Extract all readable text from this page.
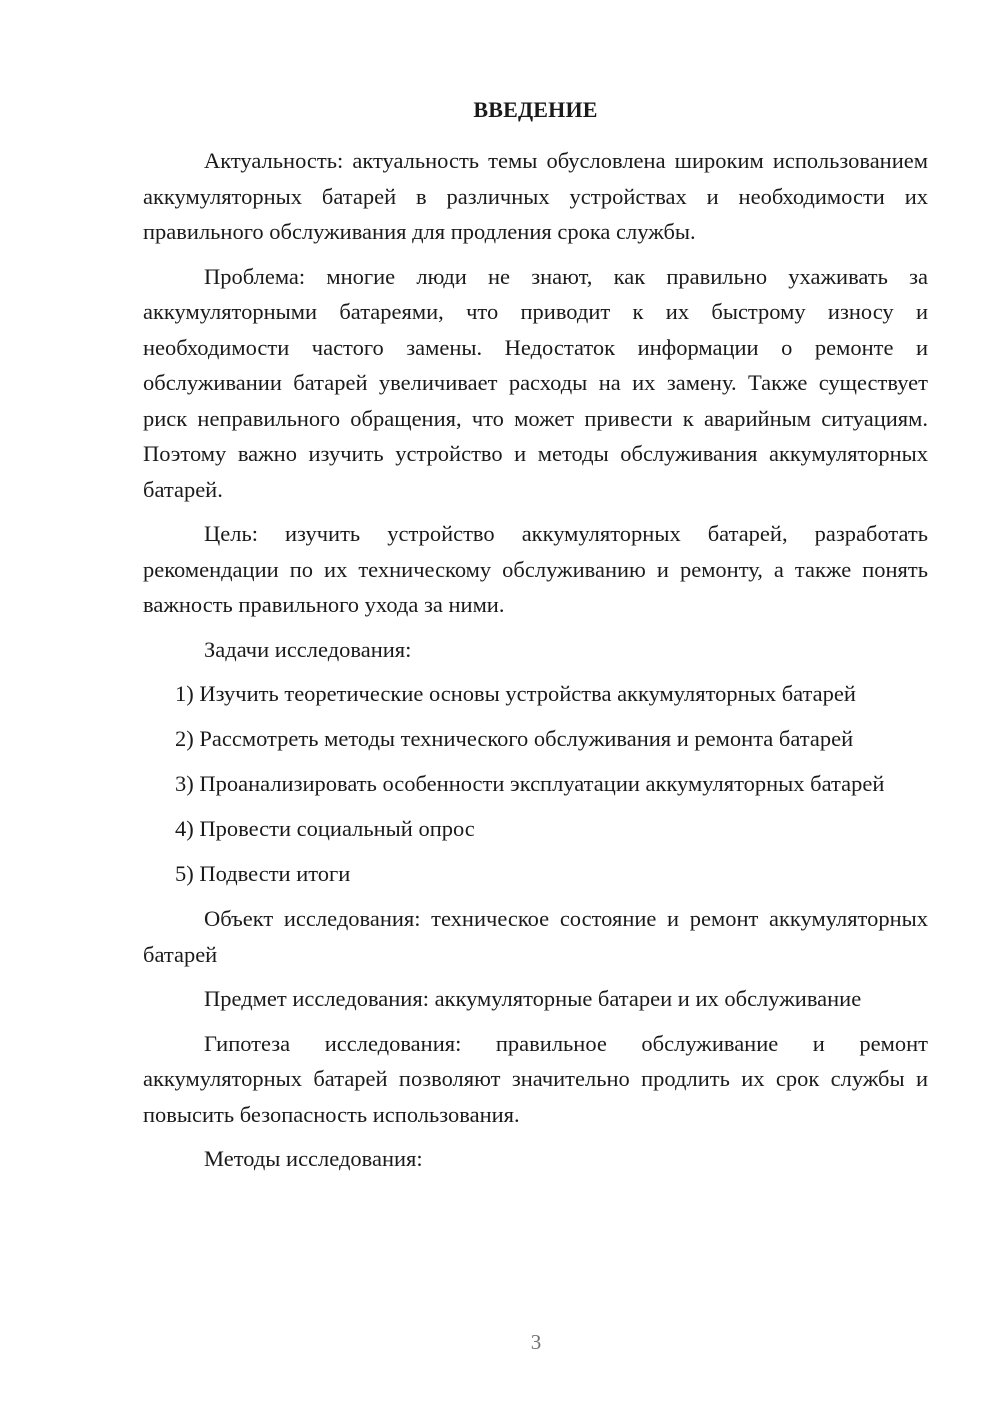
ВВЕДЕНИЕ

Актуальность: актуальность темы обусловлена широким использованием аккумуляторных батарей в различных устройствах и необходимости их правильного обслуживания для продления срока службы.

Проблема: многие люди не знают, как правильно ухаживать за аккумуляторными батареями, что приводит к их быстрому износу и необходимости частого замены. Недостаток информации о ремонте и обслуживании батарей увеличивает расходы на их замену. Также существует риск неправильного обращения, что может привести к аварийным ситуациям. Поэтому важно изучить устройство и методы обслуживания аккумуляторных батарей.

Цель: изучить устройство аккумуляторных батарей, разработать рекомендации по их техническому обслуживанию и ремонту, а также понять важность правильного ухода за ними.

Задачи исследования:

1) Изучить теоретические основы устройства аккумуляторных батарей

2) Рассмотреть методы технического обслуживания и ремонта батарей

3) Проанализировать особенности эксплуатации аккумуляторных батарей

4) Провести социальный опрос

5) Подвести итоги

Объект исследования: техническое состояние и ремонт аккумуляторных батарей

Предмет исследования: аккумуляторные батареи и их обслуживание

Гипотеза исследования: правильное обслуживание и ремонт аккумуляторных батарей позволяют значительно продлить их срок службы и повысить безопасность использования.

Методы исследования:

3
